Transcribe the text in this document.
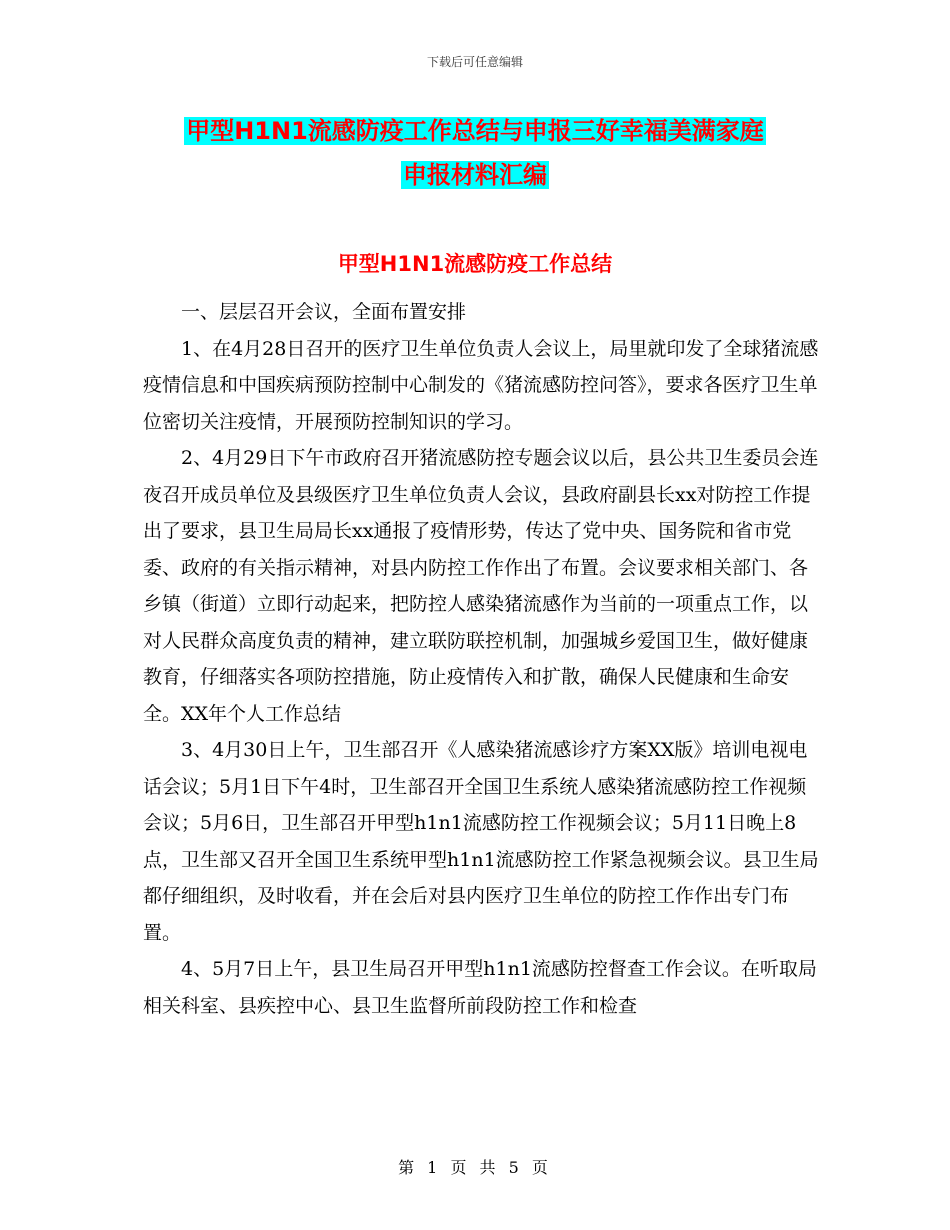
下载后可任意编辑
甲型H1N1流感防疫工作总结与申报三好幸福美满家庭
申报材料汇编
甲型H1N1流感防疫工作总结

一、层层召开会议，全面布置安排

1、在4月28日召开的医疗卫生单位负责人会议上，局里就印发了全球猪流感疫情信息和中国疾病预防控制中心制发的《猪流感防控问答》，要求各医疗卫生单位密切关注疫情，开展预防控制知识的学习。

2、4月29日下午市政府召开猪流感防控专题会议以后，县公共卫生委员会连夜召开成员单位及县级医疗卫生单位负责人会议，县政府副县长xx对防控工作提出了要求，县卫生局局长xx通报了疫情形势，传达了党中央、国务院和省市党委、政府的有关指示精神，对县内防控工作作出了布置。会议要求相关部门、各乡镇（街道）立即行动起来，把防控人感染猪流感作为当前的一项重点工作，以对人民群众高度负责的精神，建立联防联控机制，加强城乡爱国卫生，做好健康教育，仔细落实各项防控措施，防止疫情传入和扩散，确保人民健康和生命安全。XX年个人工作总结

3、4月30日上午，卫生部召开《人感染猪流感诊疗方案XX版》培训电视电话会议；5月1日下午4时，卫生部召开全国卫生系统人感染猪流感防控工作视频会议；5月6日，卫生部召开甲型h1n1流感防控工作视频会议；5月11日晚上8点，卫生部又召开全国卫生系统甲型h1n1流感防控工作紧急视频会议。县卫生局都仔细组织，及时收看，并在会后对县内医疗卫生单位的防控工作作出专门布置。

4、5月7日上午，县卫生局召开甲型h1n1流感防控督查工作会议。在听取局相关科室、县疾控中心、县卫生监督所前段防控工作和检查

第 1 页 共 5 页
